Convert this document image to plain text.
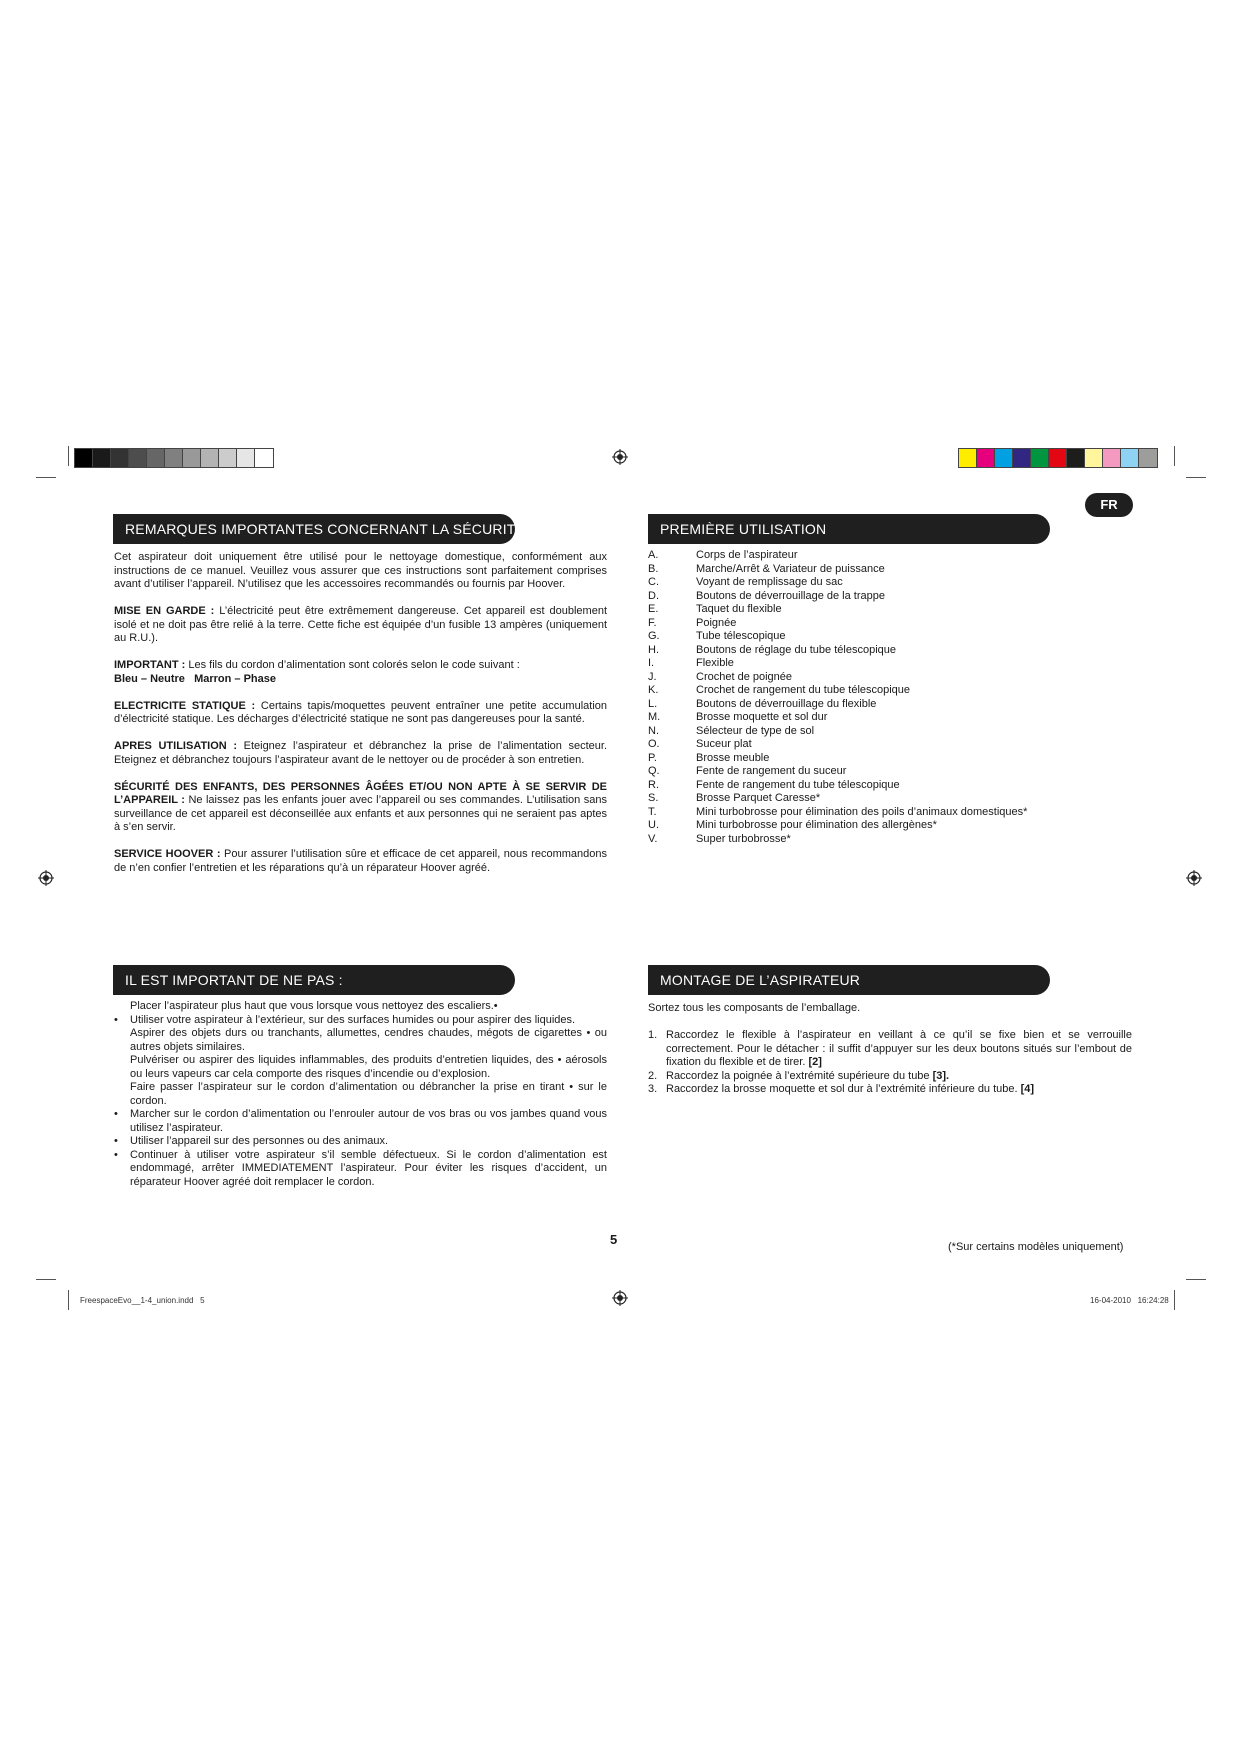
FR
REMARQUES IMPORTANTES CONCERNANT LA SÉCURITÉ

Cet aspirateur doit uniquement être utilisé pour le nettoyage domestique, conformément aux instructions de ce manuel. Veuillez vous assurer que ces instructions sont parfaitement comprises avant d’utiliser l’appareil. N’utilisez que les accessoires recommandés ou fournis par Hoover.

MISE EN GARDE : L’électricité peut être extrêmement dangereuse. Cet appareil est doublement isolé et ne doit pas être relié à la terre. Cette fiche est équipée d’un fusible 13 ampères (uniquement au R.U.).

IMPORTANT : Les fils du cordon d’alimentation sont colorés selon le code suivant :
Bleu – Neutre   Marron – Phase

ELECTRICITE STATIQUE : Certains tapis/moquettes peuvent entraîner une petite accumulation d’électricité statique. Les décharges d’électricité statique ne sont pas dangereuses pour la santé.

APRES UTILISATION : Eteignez l’aspirateur et débranchez la prise de l’alimentation secteur. Eteignez et débranchez toujours l’aspirateur avant de le nettoyer ou de procéder à son entretien.

SÉCURITÉ DES ENFANTS, DES PERSONNES ÂGÉES ET/OU NON APTE À SE SERVIR DE L’APPAREIL : Ne laissez pas les enfants jouer avec l’appareil ou ses commandes. L’utilisation sans surveillance de cet appareil est déconseillée aux enfants et aux personnes qui ne seraient pas aptes à s’en servir.

SERVICE HOOVER : Pour assurer l’utilisation sûre et efficace de cet appareil, nous recommandons de n’en confier l’entretien et les réparations qu’à un réparateur Hoover agréé.

PREMIÈRE UTILISATION
A.	Corps de l’aspirateur
B.	Marche/Arrêt & Variateur de puissance
C.	Voyant de remplissage du sac
D.	Boutons de déverrouillage de la trappe
E.	Taquet du flexible
F.	Poignée
G.	Tube télescopique
H.	Boutons de réglage du tube télescopique
I.	Flexible
J.	Crochet de poignée
K.	Crochet de rangement du tube télescopique
L.	Boutons de déverrouillage du flexible
M.	Brosse moquette et sol dur
N.	Sélecteur de type de sol
O.	Suceur plat
P.	Brosse meuble
Q.	Fente de rangement du suceur
R.	Fente de rangement du tube télescopique
S.	Brosse Parquet Caresse*
T.	Mini turbobrosse pour élimination des poils d’animaux domestiques*
U.	Mini turbobrosse pour élimination des allergènes*
V.	Super turbobrosse*
IL EST IMPORTANT DE NE PAS :
Placer l’aspirateur plus haut que vous lorsque vous nettoyez des escaliers.•
• Utiliser votre aspirateur à l’extérieur, sur des surfaces humides ou pour aspirer des liquides.
Aspirer des objets durs ou tranchants, allumettes, cendres chaudes, mégots de cigarettes • ou autres objets similaires.
Pulvériser ou aspirer des liquides inflammables, des produits d’entretien liquides, des • aérosols ou leurs vapeurs car cela comporte des risques d’incendie ou d’explosion.
Faire passer l’aspirateur sur le cordon d’alimentation ou débrancher la prise en tirant • sur le cordon.
• Marcher sur le cordon d’alimentation ou l’enrouler autour de vos bras ou vos jambes quand vous utilisez l’aspirateur.
• Utiliser l’appareil sur des personnes ou des animaux.
• Continuer à utiliser votre aspirateur s’il semble défectueux. Si le cordon d’alimentation est endommagé, arrêter IMMEDIATEMENT l’aspirateur. Pour éviter les risques d’accident, un réparateur Hoover agréé doit remplacer le cordon.
MONTAGE DE L’ASPIRATEUR

Sortez tous les composants de l’emballage.

1. Raccordez le flexible à l’aspirateur en veillant à ce qu’il se fixe bien et se verrouille correctement. Pour le détacher : il suffit d’appuyer sur les deux boutons situés sur l’embout de fixation du flexible et de tirer. [2]
2. Raccordez la poignée à l’extrémité supérieure du tube [3].
3. Raccordez la brosse moquette et sol dur à l’extrémité inférieure du tube. [4]
5	(*Sur certains modèles uniquement)
FreespaceEvo__1-4_union.indd   5	16-04-2010   16:24:28
